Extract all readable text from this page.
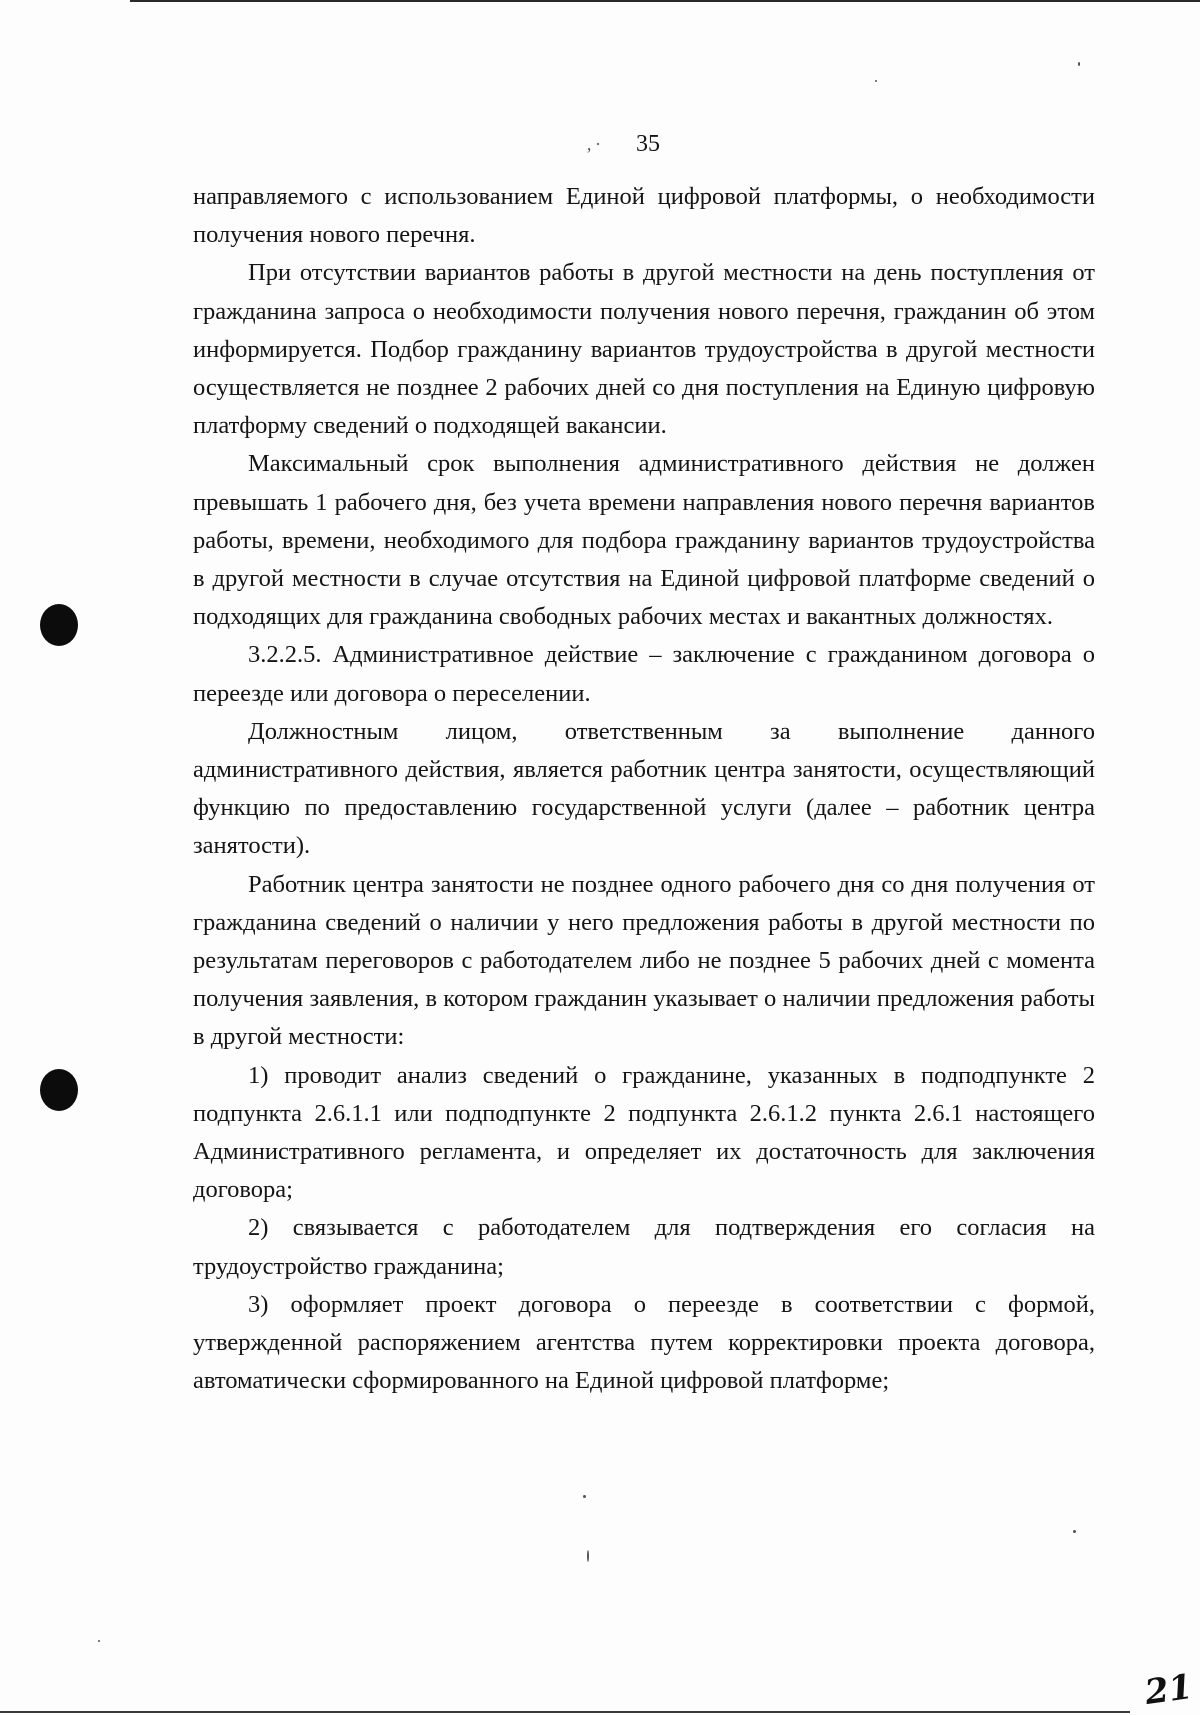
‚· 35

направляемого с использованием Единой цифровой платформы, о необходимости получения нового перечня.

При отсутствии вариантов работы в другой местности на день поступления от гражданина запроса о необходимости получения нового перечня, гражданин об этом информируется. Подбор гражданину вариантов трудоустройства в другой местности осуществляется не позднее 2 рабочих дней со дня поступления на Единую цифровую платформу сведений о подходящей вакансии.

Максимальный срок выполнения административного действия не должен превышать 1 рабочего дня, без учета времени направления нового перечня вариантов работы, времени, необходимого для подбора гражданину вариантов трудоустройства в другой местности в случае отсутствия на Единой цифровой платформе сведений о подходящих для гражданина свободных рабочих местах и вакантных должностях.

3.2.2.5. Административное действие – заключение с гражданином договора о переезде или договора о переселении.

Должностным лицом, ответственным за выполнение данного административного действия, является работник центра занятости, осуществляющий функцию по предоставлению государственной услуги (далее – работник центра занятости).

Работник центра занятости не позднее одного рабочего дня со дня получения от гражданина сведений о наличии у него предложения работы в другой местности по результатам переговоров с работодателем либо не позднее 5 рабочих дней с момента получения заявления, в котором гражданин указывает о наличии предложения работы в другой местности:

1) проводит анализ сведений о гражданине, указанных в подподпункте 2 подпункта 2.6.1.1 или подподпункте 2 подпункта 2.6.1.2 пункта 2.6.1 настоящего Административного регламента, и определяет их достаточность для заключения договора;

2) связывается с работодателем для подтверждения его согласия на трудоустройство гражданина;

3) оформляет проект договора о переезде в соответствии с формой, утвержденной распоряжением агентства путем корректировки проекта договора, автоматически сформированного на Единой цифровой платформе;

21
